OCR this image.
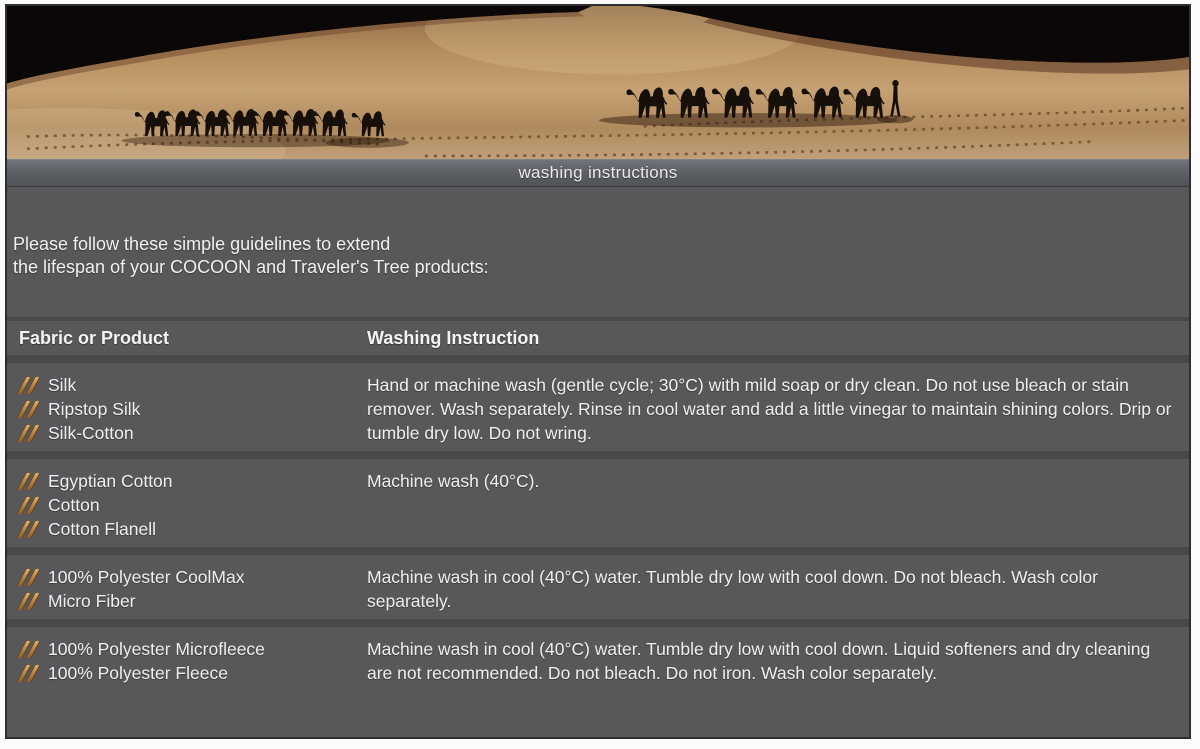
washing instructions
Please follow these simple guidelines to extend
the lifespan of your COCOON and Traveler's Tree products:
Fabric or Product	Washing Instruction
Silk
Ripstop Silk
Silk-Cotton
Hand or machine wash (gentle cycle; 30°C) with mild soap or dry clean. Do not use bleach or stain remover. Wash separately. Rinse in cool water and add a little vinegar to maintain shining colors. Drip or tumble dry low. Do not wring.
Egyptian Cotton
Cotton
Cotton Flanell
Machine wash (40°C).
100% Polyester CoolMax
Micro Fiber
Machine wash in cool (40°C) water. Tumble dry low with cool down. Do not bleach. Wash color separately.
100% Polyester Microfleece
100% Polyester Fleece
Machine wash in cool (40°C) water. Tumble dry low with cool down. Liquid softeners and dry cleaning are not recommended. Do not bleach. Do not iron. Wash color separately.
